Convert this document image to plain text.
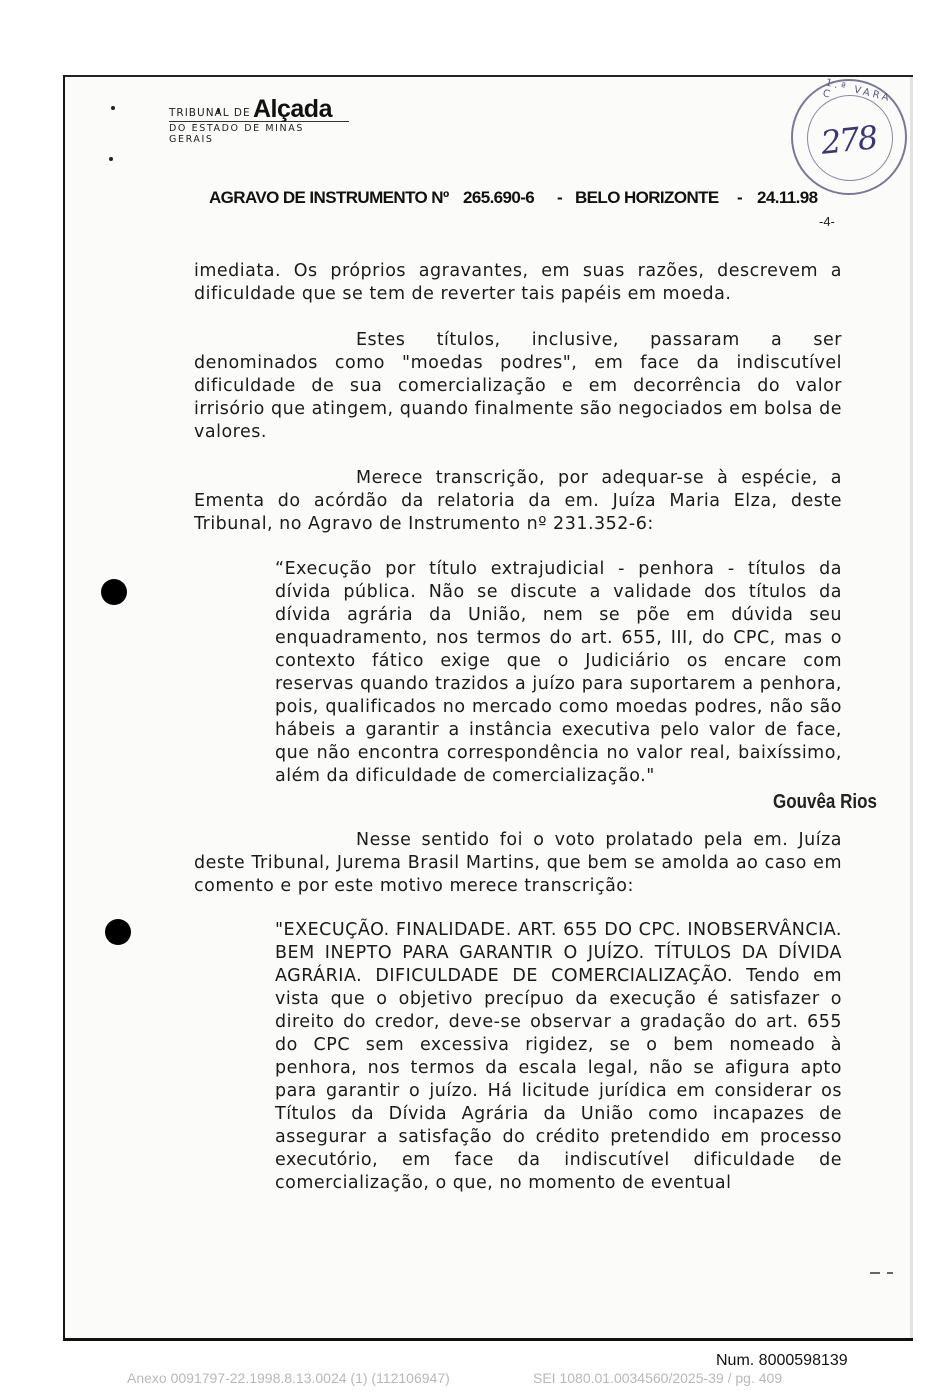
TRIBUNAL DE Alçada
DO ESTADO DE MINAS GERAIS
1.ª VARA C
278
AGRAVO DE INSTRUMENTO Nº 265.690-6 - BELO HORIZONTE - 24.11.98
-4-

imediata. Os próprios agravantes, em suas razões, descrevem a dificuldade que se tem de reverter tais papéis em moeda.

Estes títulos, inclusive, passaram a ser denominados como "moedas podres", em face da indiscutível dificuldade de sua comercialização e em decorrência do valor irrisório que atingem, quando finalmente são negociados em bolsa de valores.

Merece transcrição, por adequar-se à espécie, a Ementa do acórdão da relatoria da em. Juíza Maria Elza, deste Tribunal, no Agravo de Instrumento nº 231.352-6:

“Execução por título extrajudicial - penhora - títulos da dívida pública. Não se discute a validade dos títulos da dívida agrária da União, nem se põe em dúvida seu enquadramento, nos termos do art. 655, III, do CPC, mas o contexto fático exige que o Judiciário os encare com reservas quando trazidos a juízo para suportarem a penhora, pois, qualificados no mercado como moedas podres, não são hábeis a garantir a instância executiva pelo valor de face, que não encontra correspondência no valor real, baixíssimo, além da dificuldade de comercialização."

Gouvêa Rios

Nesse sentido foi o voto prolatado pela em. Juíza deste Tribunal, Jurema Brasil Martins, que bem se amolda ao caso em comento e por este motivo merece transcrição:

"EXECUÇÃO. FINALIDADE. ART. 655 DO CPC. INOBSERVÂNCIA. BEM INEPTO PARA GARANTIR O JUÍZO. TÍTULOS DA DÍVIDA AGRÁRIA. DIFICULDADE DE COMERCIALIZAÇÃO. Tendo em vista que o objetivo precípuo da execução é satisfazer o direito do credor, deve-se observar a gradação do art. 655 do CPC sem excessiva rigidez, se o bem nomeado à penhora, nos termos da escala legal, não se afigura apto para garantir o juízo. Há licitude jurídica em considerar os Títulos da Dívida Agrária da União como incapazes de assegurar a satisfação do crédito pretendido em processo executório, em face da indiscutível dificuldade de comercialização, o que, no momento de eventual

Num. 8000598139
Anexo 0091797-22.1998.8.13.0024 (1) (112106947)	SEI 1080.01.0034560/2025-39 / pg. 409
